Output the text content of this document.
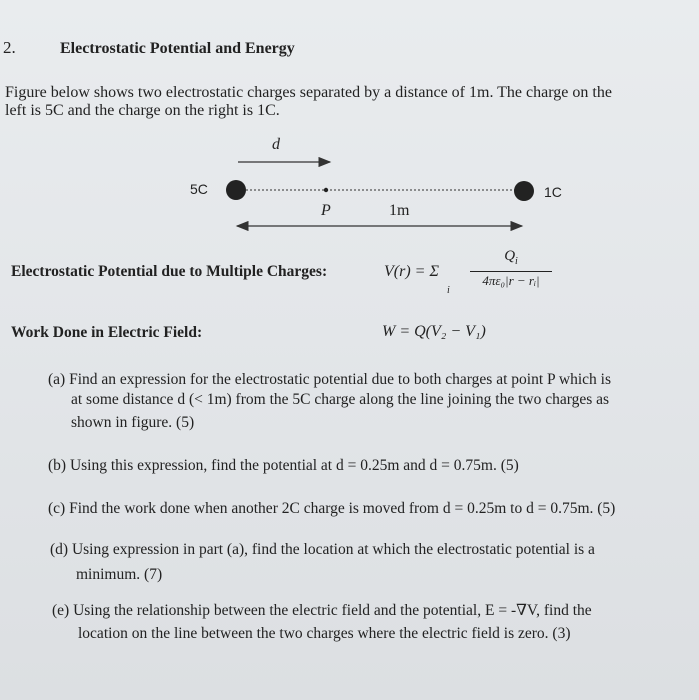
2.	Electrostatic Potential and Energy
Figure below shows two electrostatic charges separated by a distance of 1m. The charge on the
left is 5C and the charge on the right is 1C.
d
5C	1C
P	1m
Electrostatic Potential due to Multiple Charges:	V(r) = Σ
i
$Q_i$
4πε₀|r − rᵢ|
Work Done in Electric Field:	W = Q(V₂ − V₁)
(a) Find an expression for the electrostatic potential due to both charges at point P which is
at some distance d (< 1m) from the 5C charge along the line joining the two charges as
shown in figure. (5)
(b) Using this expression, find the potential at d = 0.25m and d = 0.75m. (5)
(c) Find the work done when another 2C charge is moved from d = 0.25m to d = 0.75m. (5)
(d) Using expression in part (a), find the location at which the electrostatic potential is a
minimum. (7)
(e) Using the relationship between the electric field and the potential, E = -∇V, find the
location on the line between the two charges where the electric field is zero. (3)
